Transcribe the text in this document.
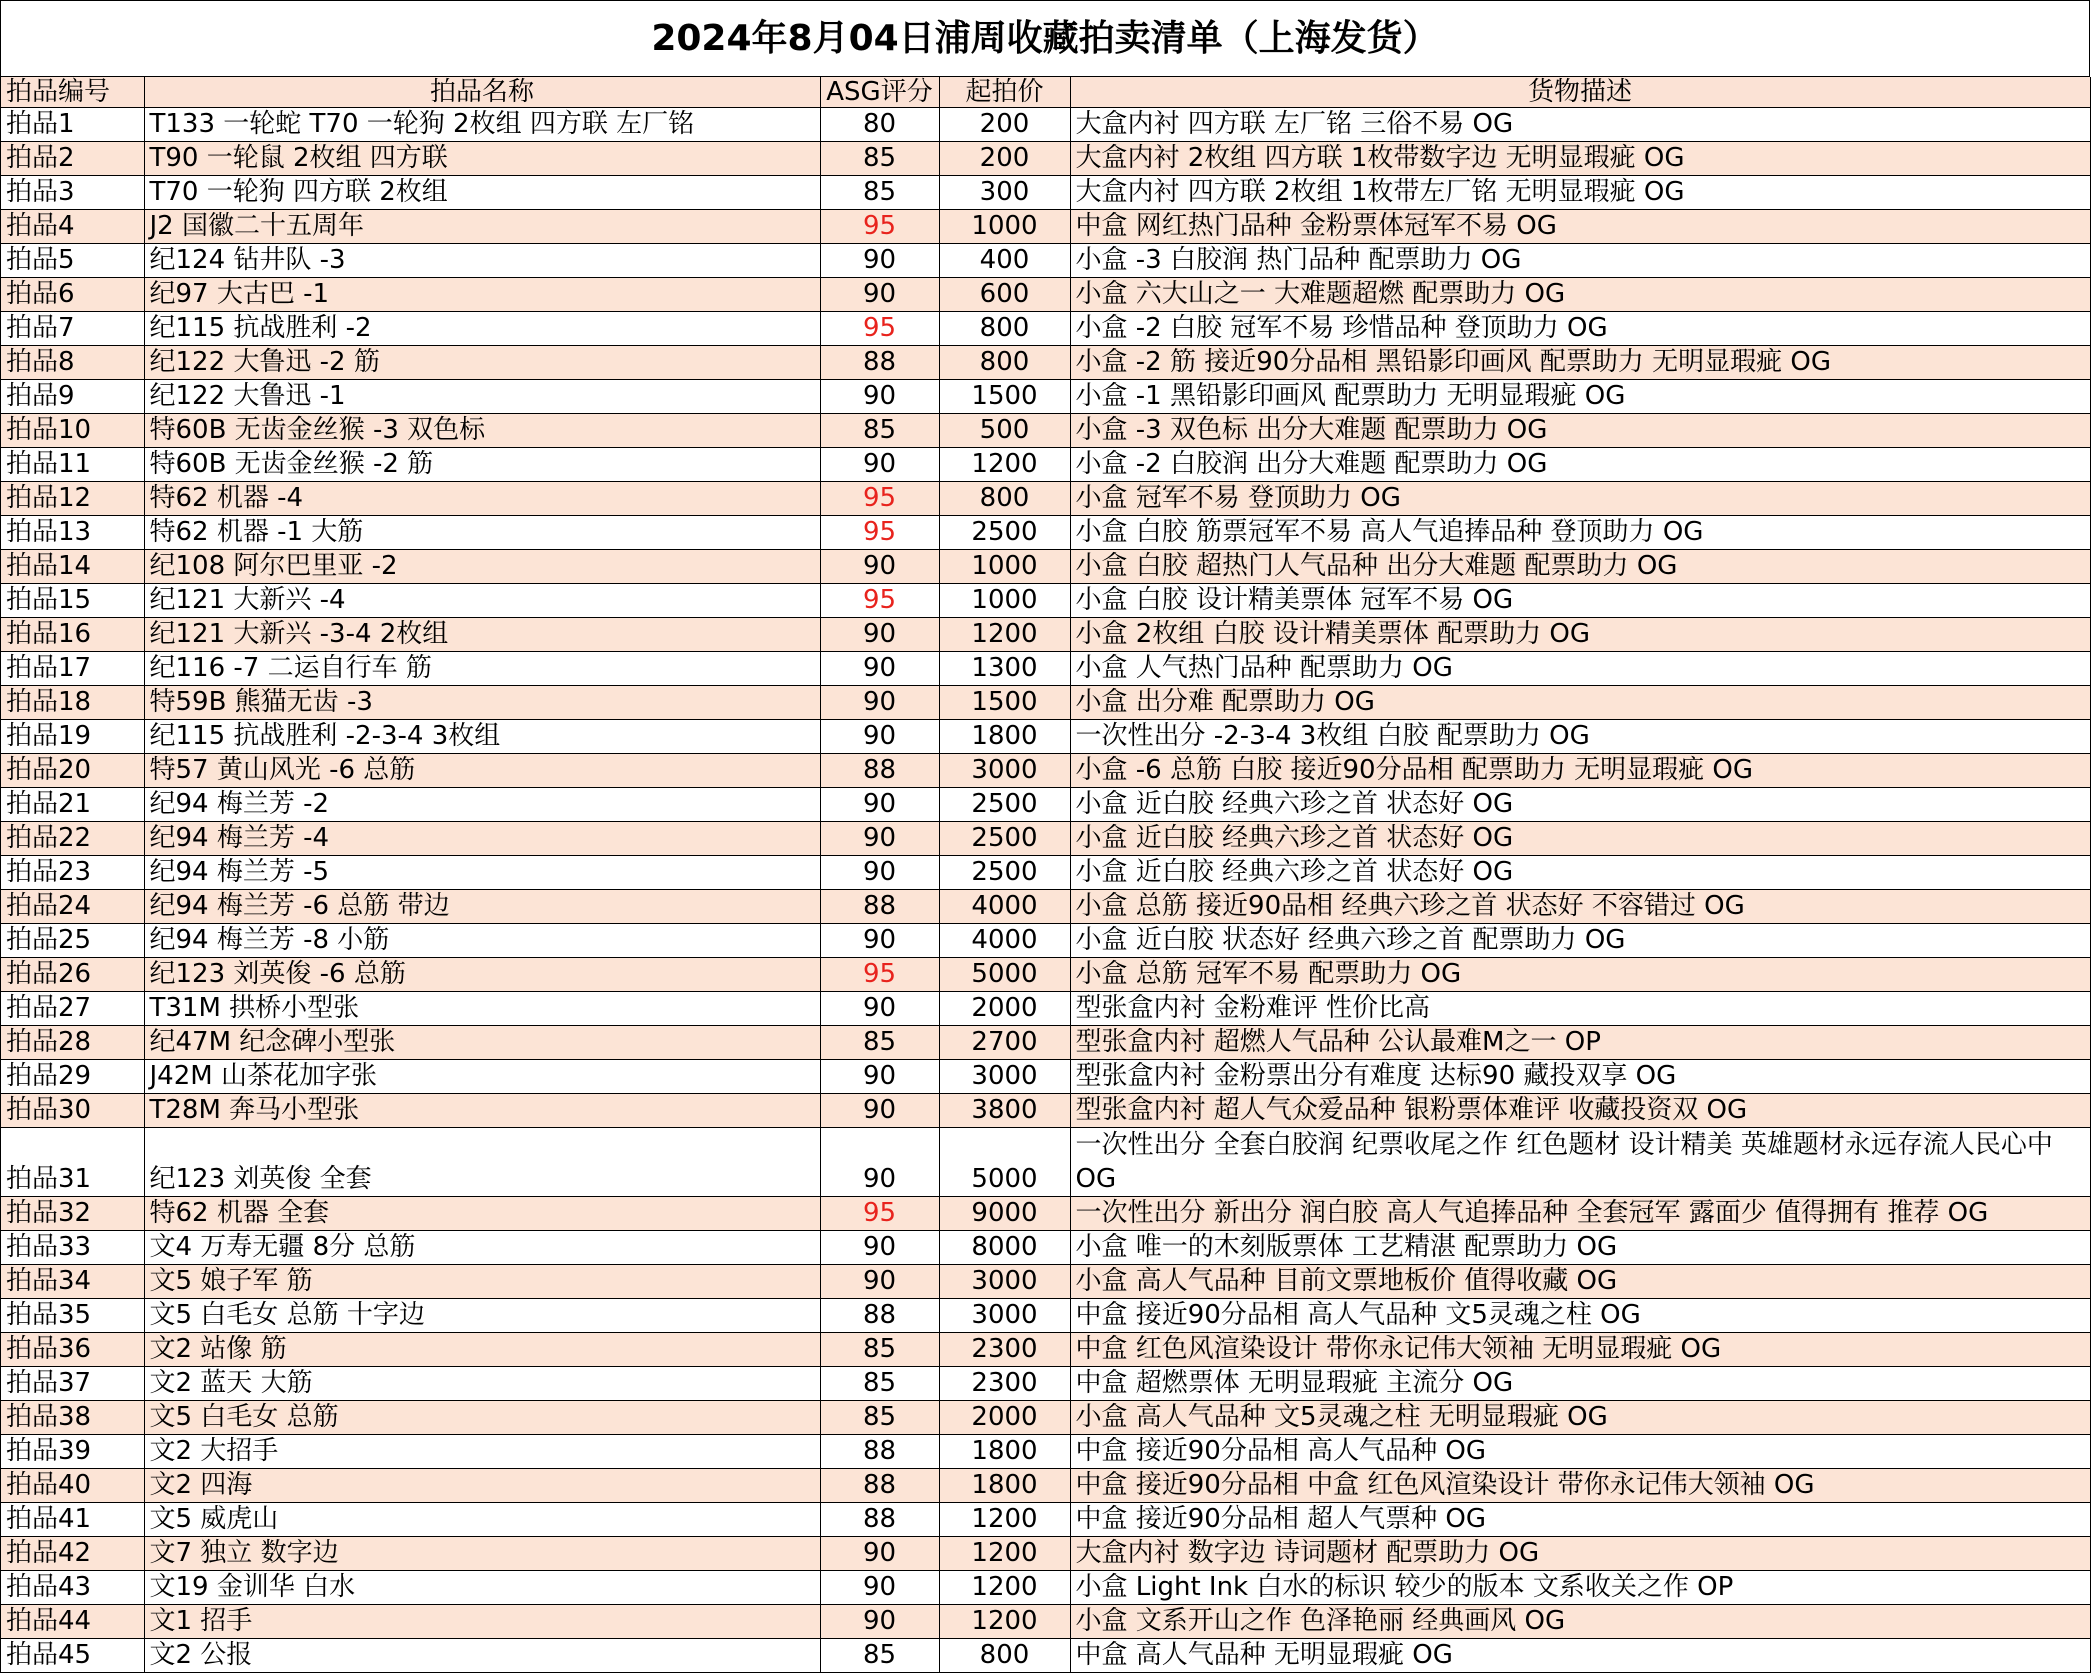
2024年8月04日浦周收藏拍卖清单（上海发货）
拍品编号	拍品名称	ASG评分	起拍价	货物描述
拍品1	T133 一轮蛇 T70 一轮狗 2枚组 四方联 左厂铭	80	200	大盒内衬 四方联 左厂铭 三俗不易 OG
拍品2	T90 一轮鼠 2枚组 四方联	85	200	大盒内衬 2枚组 四方联 1枚带数字边 无明显瑕疵 OG
拍品3	T70 一轮狗 四方联 2枚组	85	300	大盒内衬 四方联 2枚组 1枚带左厂铭 无明显瑕疵 OG
拍品4	J2 国徽二十五周年	95	1000	中盒 网红热门品种 金粉票体冠军不易 OG
拍品5	纪124 钻井队 -3	90	400	小盒 -3 白胶润 热门品种 配票助力 OG
拍品6	纪97 大古巴 -1	90	600	小盒 六大山之一 大难题超燃 配票助力 OG
拍品7	纪115 抗战胜利 -2	95	800	小盒 -2 白胶 冠军不易 珍惜品种 登顶助力 OG
拍品8	纪122 大鲁迅 -2 筋	88	800	小盒 -2 筋 接近90分品相 黑铅影印画风 配票助力 无明显瑕疵 OG
拍品9	纪122 大鲁迅 -1	90	1500	小盒 -1 黑铅影印画风 配票助力 无明显瑕疵 OG
拍品10	特60B 无齿金丝猴 -3 双色标	85	500	小盒 -3 双色标 出分大难题 配票助力 OG
拍品11	特60B 无齿金丝猴 -2 筋	90	1200	小盒 -2 白胶润 出分大难题 配票助力 OG
拍品12	特62 机器 -4	95	800	小盒 冠军不易 登顶助力 OG
拍品13	特62 机器 -1 大筋	95	2500	小盒 白胶 筋票冠军不易 高人气追捧品种 登顶助力 OG
拍品14	纪108 阿尔巴里亚 -2	90	1000	小盒 白胶 超热门人气品种 出分大难题 配票助力 OG
拍品15	纪121 大新兴 -4	95	1000	小盒 白胶 设计精美票体 冠军不易 OG
拍品16	纪121 大新兴 -3-4 2枚组	90	1200	小盒 2枚组 白胶 设计精美票体 配票助力 OG
拍品17	纪116 -7 二运自行车 筋	90	1300	小盒 人气热门品种 配票助力 OG
拍品18	特59B 熊猫无齿 -3	90	1500	小盒 出分难 配票助力 OG
拍品19	纪115 抗战胜利 -2-3-4 3枚组	90	1800	一次性出分 -2-3-4 3枚组 白胶 配票助力 OG
拍品20	特57 黄山风光 -6 总筋	88	3000	小盒 -6 总筋 白胶 接近90分品相 配票助力 无明显瑕疵 OG
拍品21	纪94 梅兰芳 -2	90	2500	小盒 近白胶 经典六珍之首 状态好 OG
拍品22	纪94 梅兰芳 -4	90	2500	小盒 近白胶 经典六珍之首 状态好 OG
拍品23	纪94 梅兰芳 -5	90	2500	小盒 近白胶 经典六珍之首 状态好 OG
拍品24	纪94 梅兰芳 -6 总筋 带边	88	4000	小盒 总筋 接近90品相 经典六珍之首 状态好 不容错过 OG
拍品25	纪94 梅兰芳 -8 小筋	90	4000	小盒 近白胶 状态好 经典六珍之首 配票助力 OG
拍品26	纪123 刘英俊 -6 总筋	95	5000	小盒 总筋 冠军不易 配票助力 OG
拍品27	T31M 拱桥小型张	90	2000	型张盒内衬 金粉难评 性价比高
拍品28	纪47M 纪念碑小型张	85	2700	型张盒内衬 超燃人气品种 公认最难M之一 OP
拍品29	J42M 山茶花加字张	90	3000	型张盒内衬 金粉票出分有难度 达标90 藏投双享 OG
拍品30	T28M 奔马小型张	90	3800	型张盒内衬 超人气众爱品种 银粉票体难评 收藏投资双 OG
拍品31	纪123 刘英俊 全套	90	5000	一次性出分 全套白胶润 纪票收尾之作 红色题材 设计精美 英雄题材永远存流人民心中 OG
拍品32	特62 机器 全套	95	9000	一次性出分 新出分 润白胶 高人气追捧品种 全套冠军 露面少 值得拥有 推荐 OG
拍品33	文4 万寿无疆 8分 总筋	90	8000	小盒 唯一的木刻版票体 工艺精湛 配票助力 OG
拍品34	文5 娘子军 筋	90	3000	小盒 高人气品种 目前文票地板价 值得收藏 OG
拍品35	文5 白毛女 总筋 十字边	88	3000	中盒 接近90分品相 高人气品种 文5灵魂之柱 OG
拍品36	文2 站像 筋	85	2300	中盒 红色风渲染设计 带你永记伟大领袖 无明显瑕疵 OG
拍品37	文2 蓝天 大筋	85	2300	中盒 超燃票体 无明显瑕疵 主流分 OG
拍品38	文5 白毛女 总筋	85	2000	小盒 高人气品种 文5灵魂之柱 无明显瑕疵 OG
拍品39	文2 大招手	88	1800	中盒 接近90分品相 高人气品种 OG
拍品40	文2 四海	88	1800	中盒 接近90分品相 中盒 红色风渲染设计 带你永记伟大领袖 OG
拍品41	文5 威虎山	88	1200	中盒 接近90分品相 超人气票种 OG
拍品42	文7 独立 数字边	90	1200	大盒内衬 数字边 诗词题材 配票助力 OG
拍品43	文19 金训华 白水	90	1200	小盒 Light Ink 白水的标识 较少的版本 文系收关之作 OP
拍品44	文1 招手	90	1200	小盒 文系开山之作 色泽艳丽 经典画风 OG
拍品45	文2 公报	85	800	中盒 高人气品种 无明显瑕疵 OG
